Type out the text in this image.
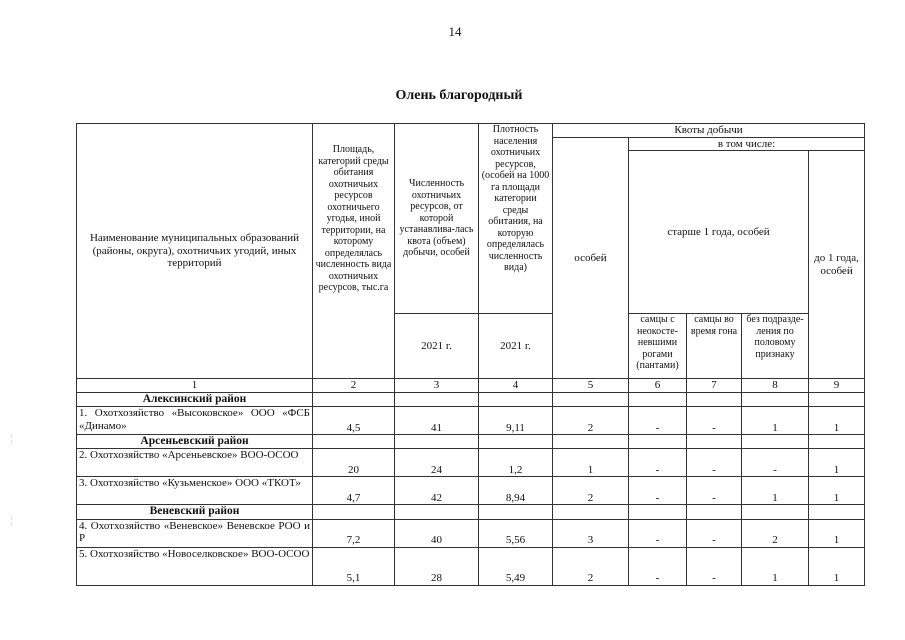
14
Олень благородный
Наименование муниципальных образований (районы, округа), охотничьих угодий, иных территорий	Площадь, категорий среды обитания охотничьих ресурсов охотничьего угодья, иной территории, на которому определялась численность вида охотничьих ресурсов, тыс.га	Численность охотничьих ресурсов, от которой устанавлива-лась квота (объем) добычи, особей	Плотность населения охотничьих ресурсов, (особей на 1000 га площади категории среды обитания, на которую определялась численность вида)	Квоты добычи				
				особей	в том числе:			
					старше 1 года, особей			до 1 года, особей
		2021 г.	2021 г.		самцы с неокосте-невшими рогами (пантами)	самцы во время гона	без подразде-ления по половому признаку	

1	2	3	4	5	6	7	8	9
Алексинский район								
1. Охотхозяйство «Высоковское» ООО «ФСБ «Динамо»	4,5	41	9,11	2	-	-	1	1
Арсеньевский район								
2. Охотхозяйство «Арсеньевское» ВОО-ОСОО	20	24	1,2	1	-	-	-	1
3. Охотхозяйство «Кузьменское» ООО «ТКОТ»	4,7	42	8,94	2	-	-	1	1
Веневский район								
4. Охотхозяйство «Веневское» Веневское РОО и Р	7,2	40	5,56	3	-	-	2	1
5. Охотхозяйство «Новоселковское» ВОО-ОСОО	5,1	28	5,49	2	-	-	1	1
¦
¦
